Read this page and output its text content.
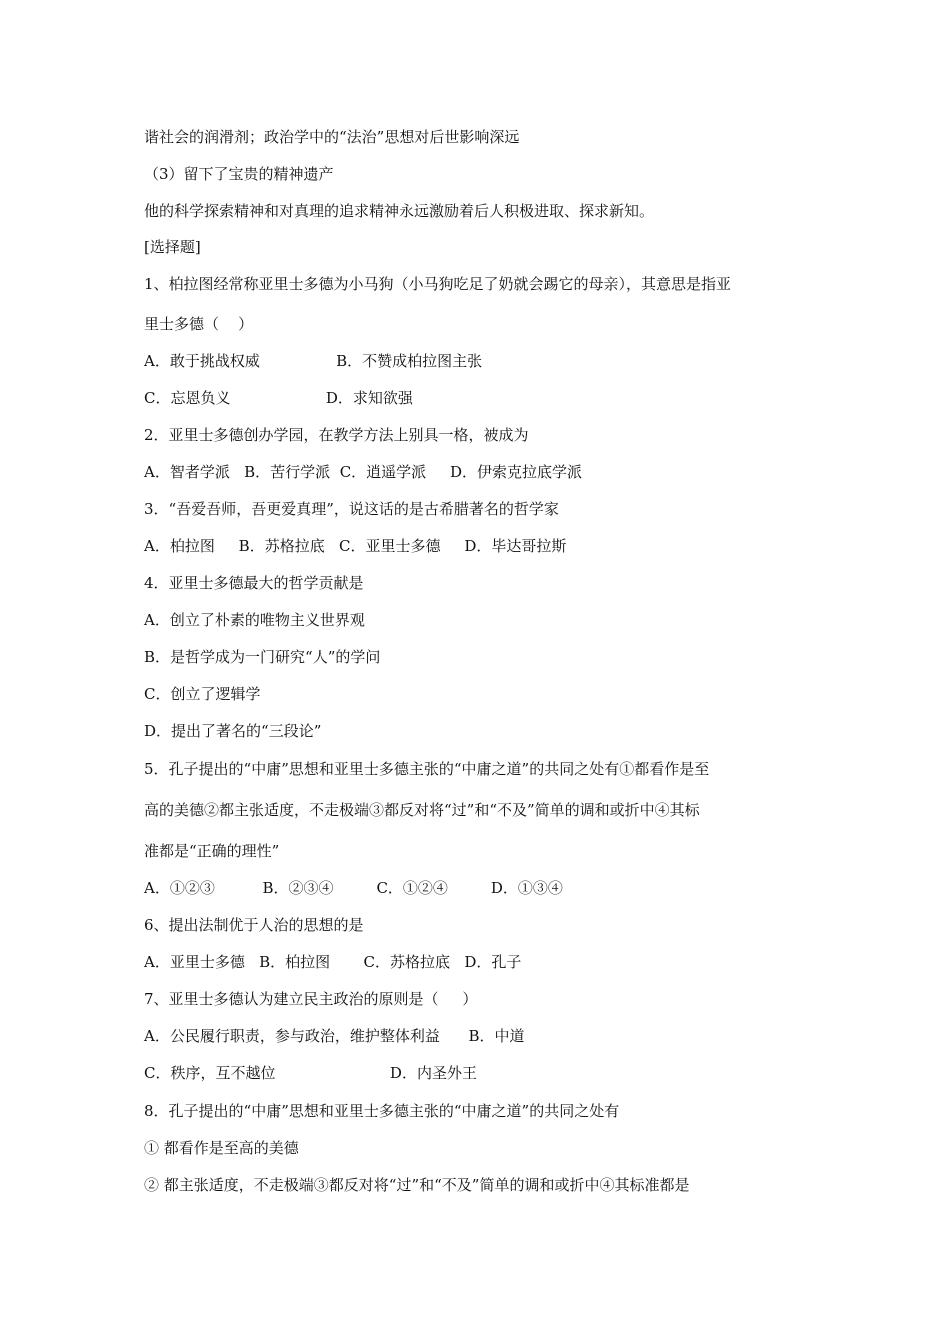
谐社会的润滑剂；政治学中的“法治”思想对后世影响深远
（3）留下了宝贵的精神遗产
他的科学探索精神和对真理的追求精神永远激励着后人积极进取、探求新知。
[选择题]
1、柏拉图经常称亚里士多德为小马狗（小马狗吃足了奶就会踢它的母亲），其意思是指亚
里士多德（    ）
A．敢于挑战权威                B．不赞成柏拉图主张
C．忘恩负义                    D．求知欲强
2．亚里士多德创办学园，在教学方法上别具一格，被成为
A．智者学派   B．苦行学派  C．逍遥学派     D．伊索克拉底学派
3．“吾爱吾师，吾更爱真理”，说这话的是古希腊著名的哲学家
A．柏拉图     B．苏格拉底   C．亚里士多德     D．毕达哥拉斯
4．亚里士多德最大的哲学贡献是
A．创立了朴素的唯物主义世界观
B．是哲学成为一门研究“人”的学问
C．创立了逻辑学
D．提出了著名的“三段论”
5．孔子提出的“中庸”思想和亚里士多德主张的“中庸之道”的共同之处有①都看作是至
高的美德②都主张适度，不走极端③都反对将“过”和“不及”简单的调和或折中④其标
准都是“正确的理性”
A．①②③          B．②③④         C．①②④         D．①③④
6、提出法制优于人治的思想的是
A．亚里士多德   B．柏拉图       C．苏格拉底   D．孔子
7、亚里士多德认为建立民主政治的原则是（     ）
A．公民履行职责，参与政治，维护整体利益      B．中道
C．秩序，互不越位                        D．内圣外王
8．孔子提出的“中庸”思想和亚里士多德主张的“中庸之道”的共同之处有
① 都看作是至高的美德
② 都主张适度，不走极端③都反对将“过”和“不及”简单的调和或折中④其标准都是
